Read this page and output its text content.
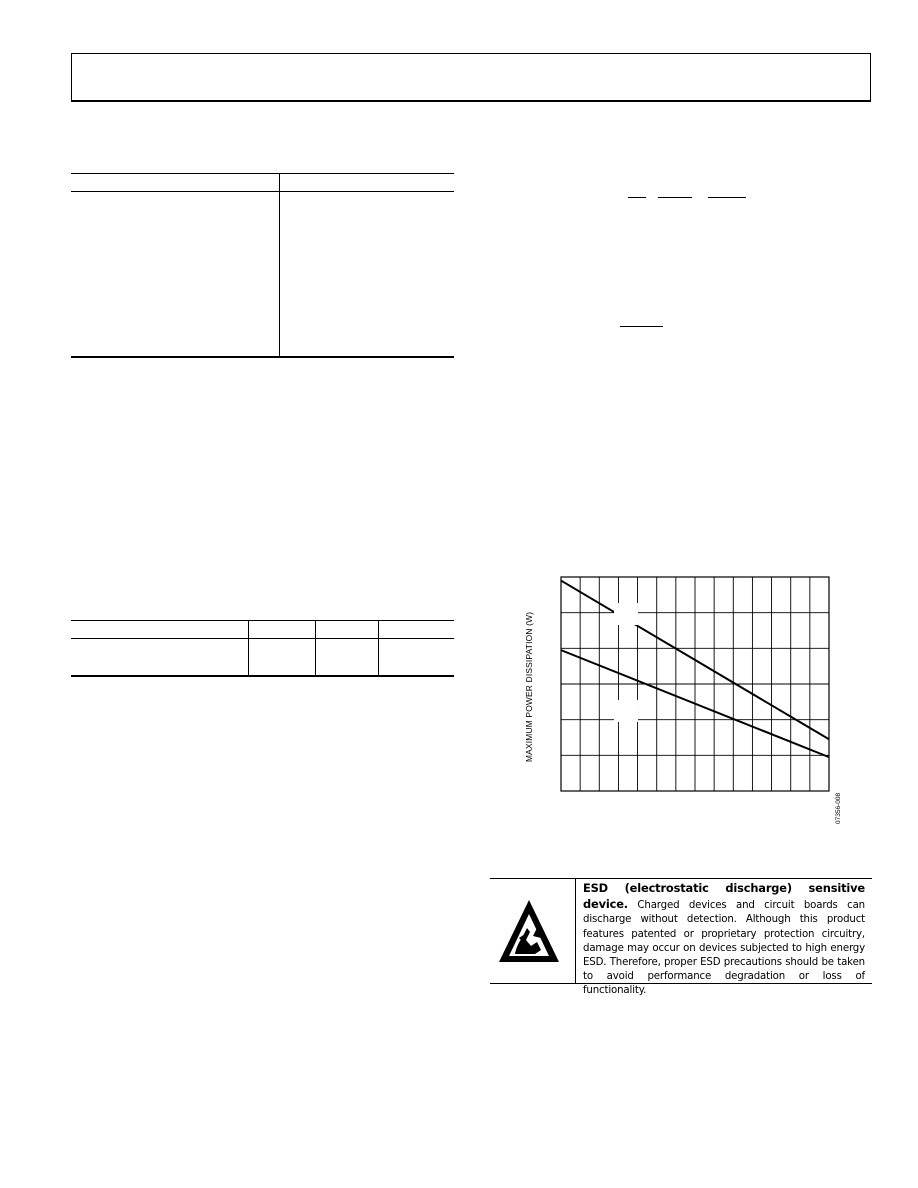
MAXIMUM POWER DISSIPATION (W)
07356-008
ESD (electrostatic discharge) sensitive device. Charged devices and circuit boards can discharge without detection. Although this product features patented or proprietary protection circuitry, damage may occur on devices subjected to high energy ESD. Therefore, proper ESD precautions should be taken to avoid performance degradation or loss of functionality.
